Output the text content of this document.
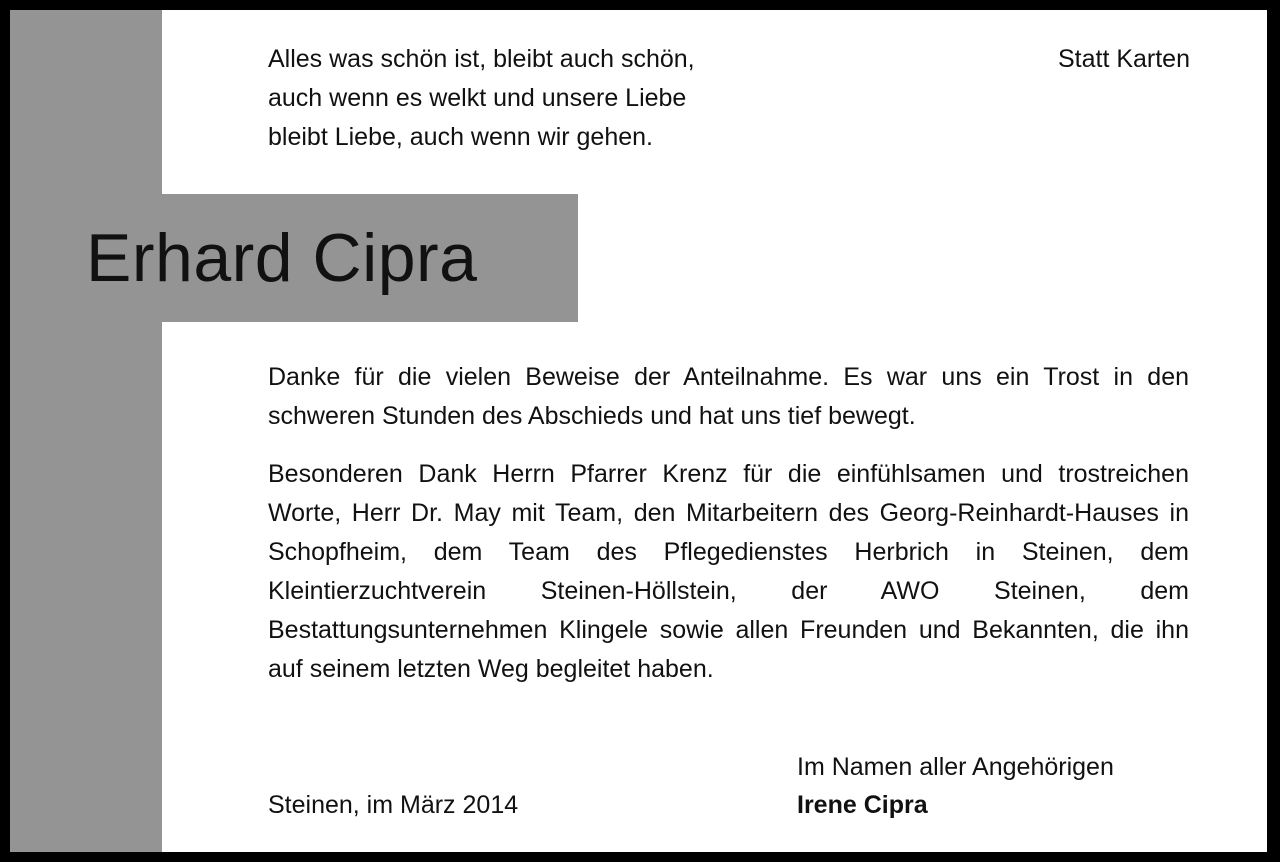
Erhard Cipra
Alles was schön ist, bleibt auch schön,
auch wenn es welkt und unsere Liebe
bleibt Liebe, auch wenn wir gehen.
Statt Karten
Danke für die vielen Beweise der Anteilnahme. Es war uns ein Trost in den schweren Stunden des Abschieds und hat uns tief bewegt.
Besonderen Dank Herrn Pfarrer Krenz für die einfühlsamen und trostreichen Worte, Herr Dr. May mit Team, den Mitarbeitern des Georg-Reinhardt-Hauses in Schopfheim, dem Team des Pflegedienstes Herbrich in Steinen, dem Kleintierzuchtverein Steinen-Höllstein, der AWO Steinen, dem Bestattungsunternehmen Klingele sowie allen Freunden und Bekannten, die ihn auf seinem letzten Weg begleitet haben.
Im Namen aller Angehörigen
Irene Cipra
Steinen, im März 2014
